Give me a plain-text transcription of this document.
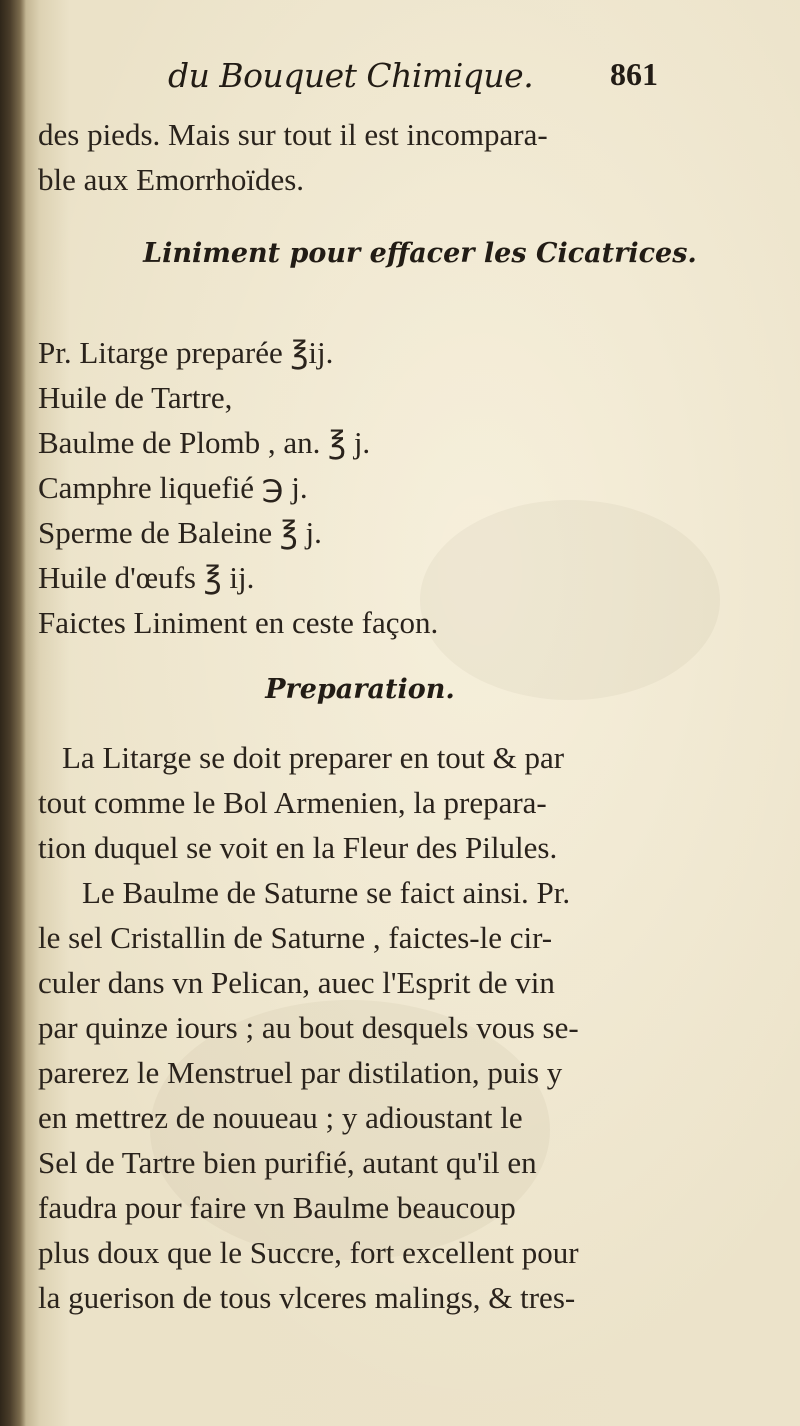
du Bouquet Chimique. 861
des pieds. Mais sur tout il est incompara-
ble aux Emorrhoïdes.
Liniment pour effacer les Cicatrices.
Pr. Litarge preparée ℥ij.
Huile de Tartre,
Baulme de Plomb , an. ℥ j.
Camphre liquefié ℈ j.
Sperme de Baleine ℥ j.
Huile d'œufs ℥ ij.
Faictes Liniment en ceste façon.
Preparation.
La Litarge se doit preparer en tout & par
tout comme le Bol Armenien, la prepara-
tion duquel se voit en la Fleur des Pilules.
Le Baulme de Saturne se faict ainsi. Pr.
le sel Cristallin de Saturne , faictes-le cir-
culer dans vn Pelican, auec l'Esprit de vin
par quinze iours ; au bout desquels vous se-
parerez le Menstruel par distilation, puis y
en mettrez de nouueau ; y adioustant le
Sel de Tartre bien purifié, autant qu'il en
faudra pour faire vn Baulme beaucoup
plus doux que le Succre, fort excellent pour
la guerison de tous vlceres malings, & tres-
